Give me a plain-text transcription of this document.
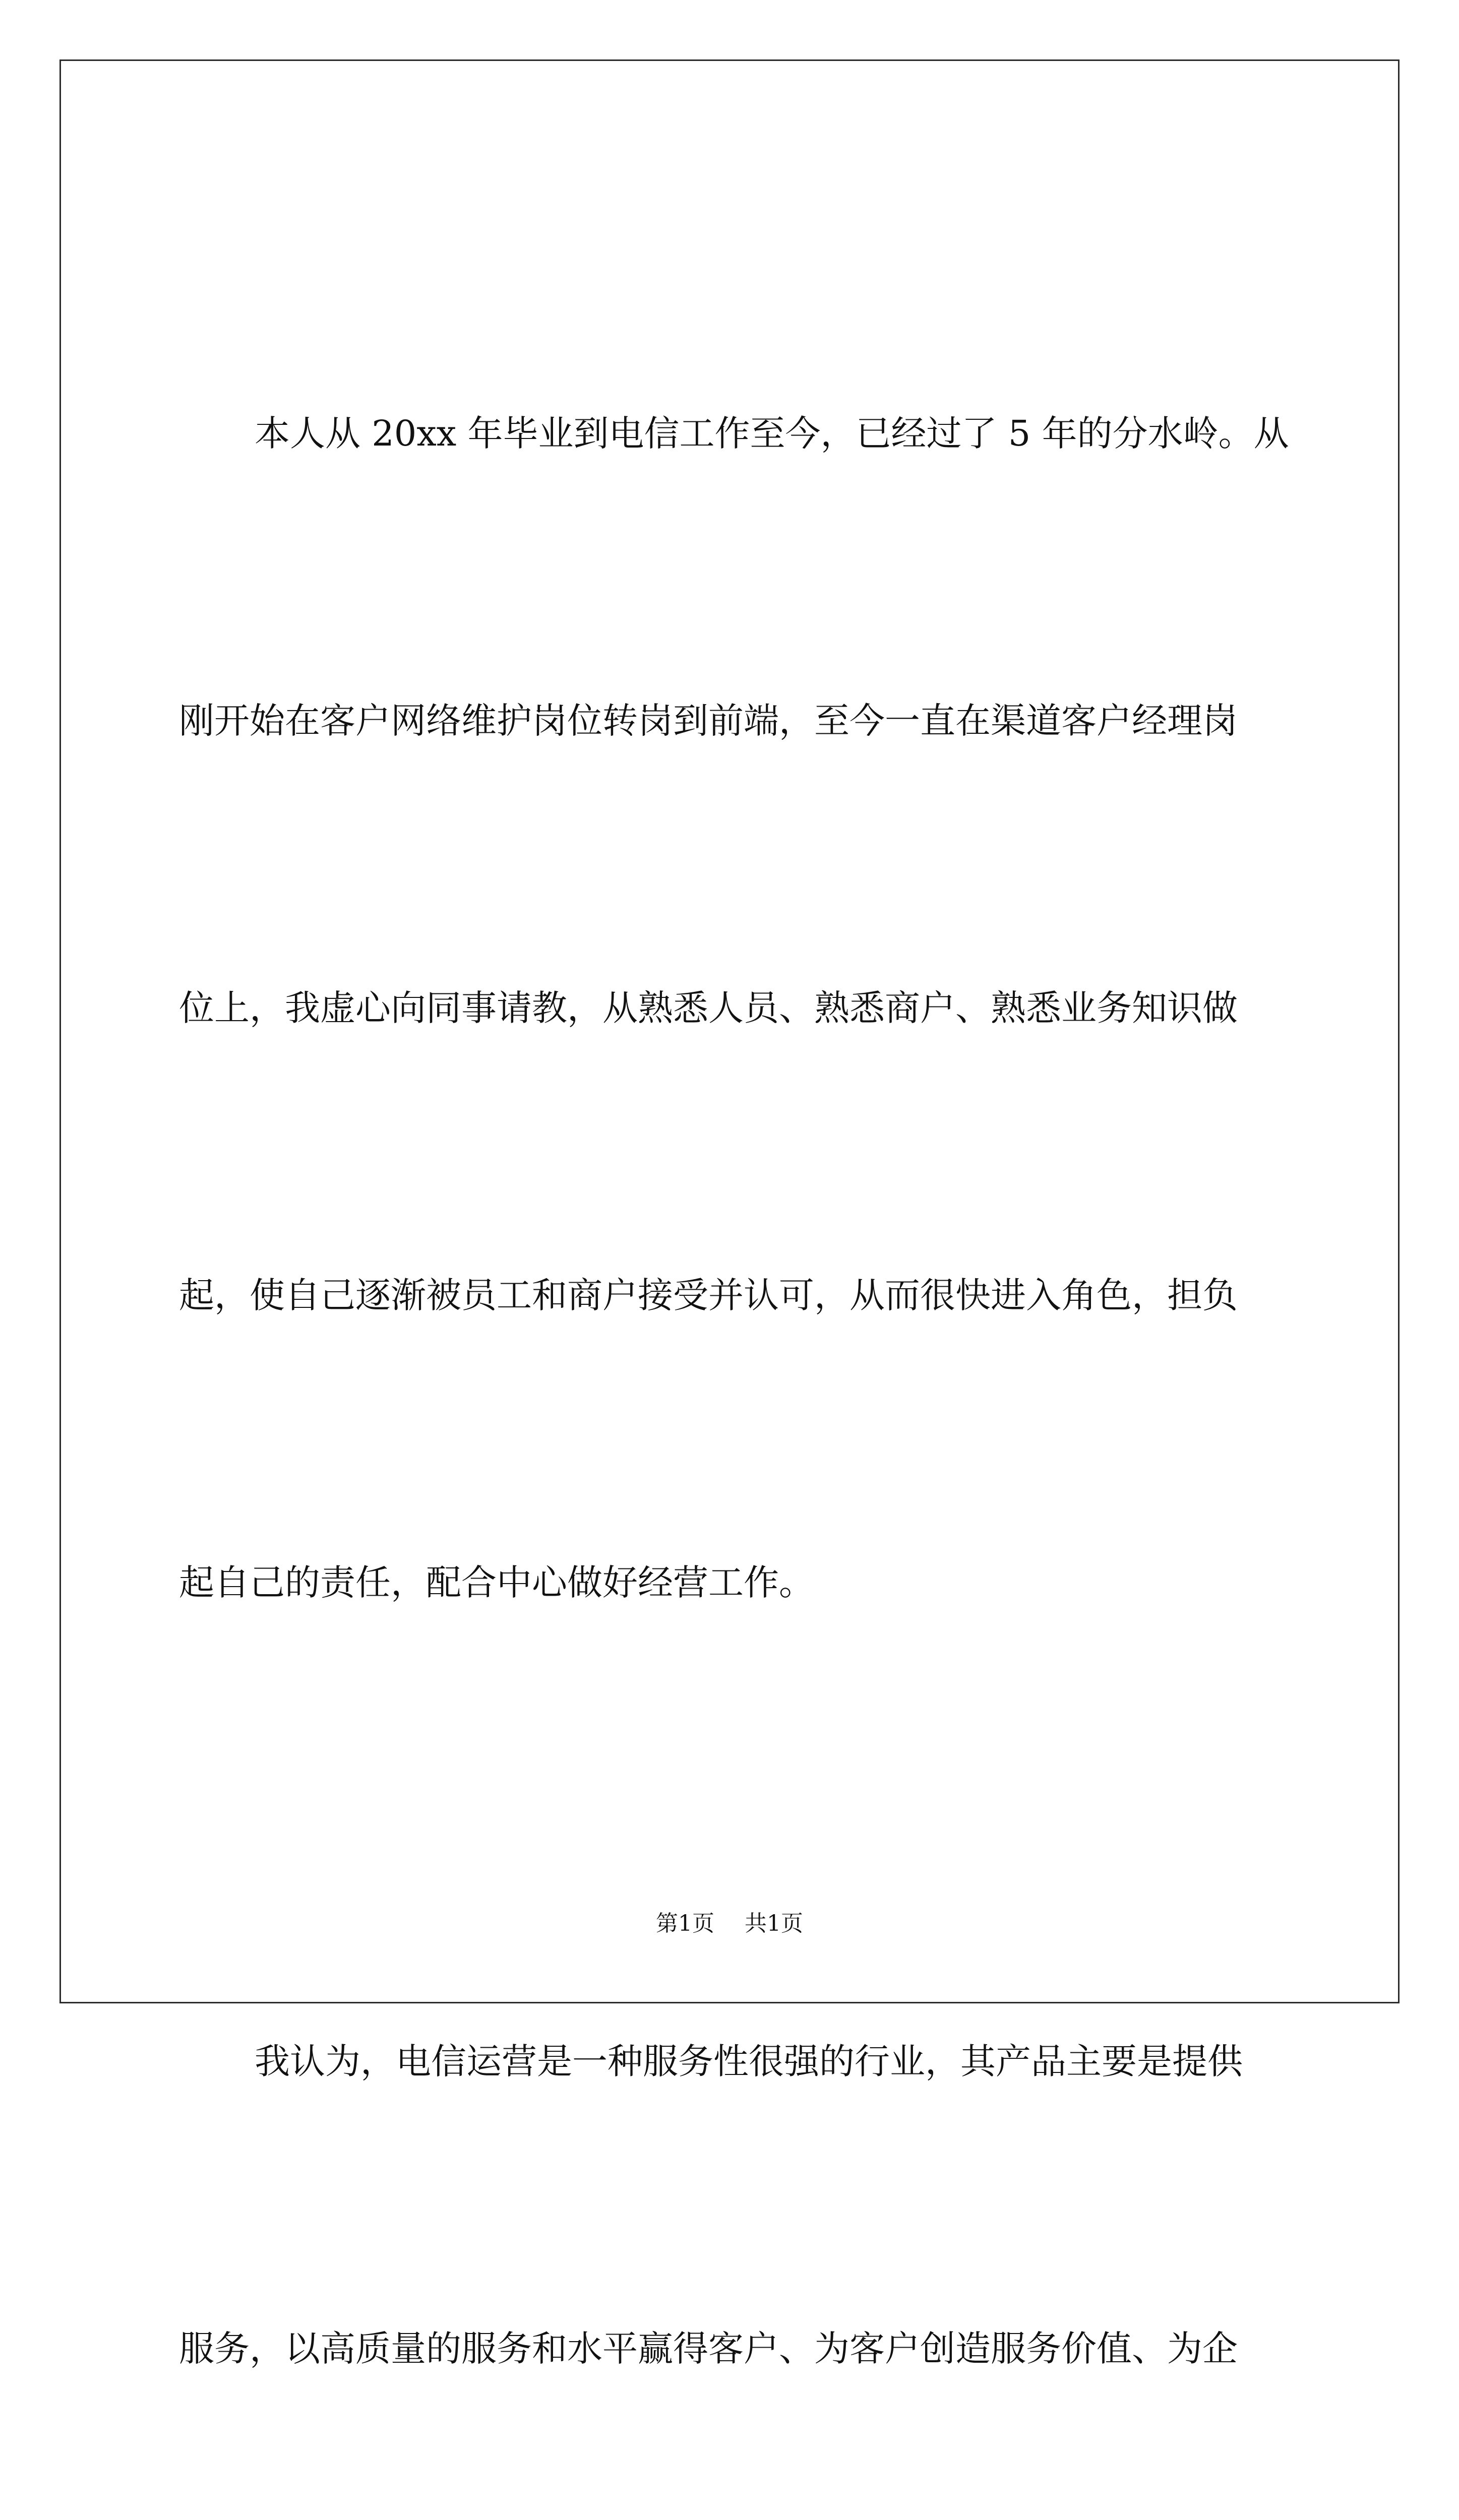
本人从 20xx 年毕业到电信工作至今，已经过了 5 年的分水岭。从

刚开始在客户网络维护岗位转岗到前端，至今一直在渠道客户经理岗

位上，我虚心向同事请教，从熟悉人员、熟悉商户、熟悉业务知识做

起，使自己逐渐被员工和商户接受并认可，从而很快进入角色，担负

起自己的责任，配合中心做好经营工作。

我认为，电信运营是一种服务性很强的行业，其产品主要是提供

服务，以高质量的服务和水平赢得客户、为客户创造服务价值、为企

第1页 共1页
